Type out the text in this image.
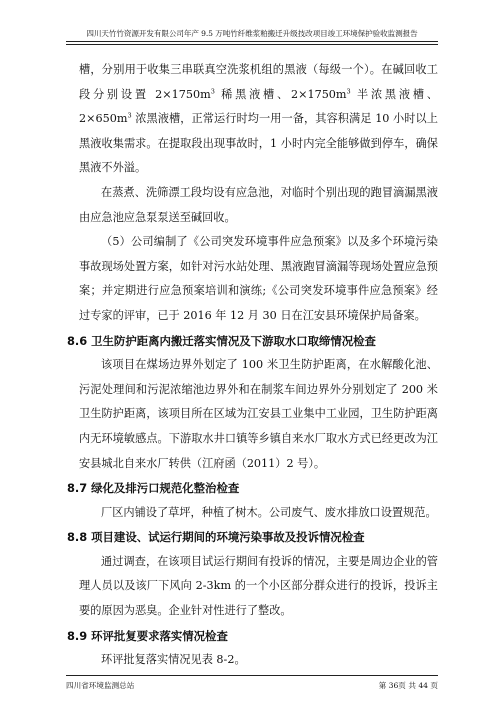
四川天竹竹资源开发有限公司年产 9.5 万吨竹纤维浆粕搬迁升级技改项目竣工环境保护验收监测报告

槽，分别用于收集三串联真空洗浆机组的黑液（每级一个）。在碱回收工段分别设置 $2\times 1750m^3$ 稀黑液槽、$2\times 1750m^3$ 半浓黑液槽、$2\times 650m^3$ 浓黑液槽，正常运行时均一用一备，其容积满足 10 小时以上黑液收集需求。在提取段出现事故时，1 小时内完全能够做到停车，确保黑液不外溢。

在蒸煮、洗筛漂工段均设有应急池，对临时个别出现的跑冒滴漏黑液由应急池应急泵泵送至碱回收。

（5）公司编制了《公司突发环境事件应急预案》以及多个环境污染事故现场处置方案，如针对污水站处理、黑液跑冒滴漏等现场处置应急预案；并定期进行应急预案培训和演练;《公司突发环境事件应急预案》经过专家的评审，已于 2016 年 12 月 30 日在江安县环境保护局备案。

8.6 卫生防护距离内搬迁落实情况及下游取水口取缔情况检查

该项目在煤场边界外划定了 100 米卫生防护距离，在水解酸化池、污泥处理间和污泥浓缩池边界外和在制浆车间边界外分别划定了 200 米卫生防护距离，该项目所在区域为江安县工业集中工业园，卫生防护距离内无环境敏感点。下游取水井口镇等乡镇自来水厂取水方式已经更改为江安县城北自来水厂转供（江府函（2011）2 号）。

8.7 绿化及排污口规范化整治检查

厂区内铺设了草坪，种植了树木。公司废气、废水排放口设置规范。

8.8 项目建设、试运行期间的环境污染事故及投诉情况检查

通过调查，在该项目试运行期间有投诉的情况，主要是周边企业的管理人员以及该厂下风向 2-3km 的一个小区部分群众进行的投诉，投诉主要的原因为恶臭。企业针对性进行了整改。

8.9 环评批复要求落实情况检查

环评批复落实情况见表 8-2。

四川省环境监测总站	第 36页 共 44 页
